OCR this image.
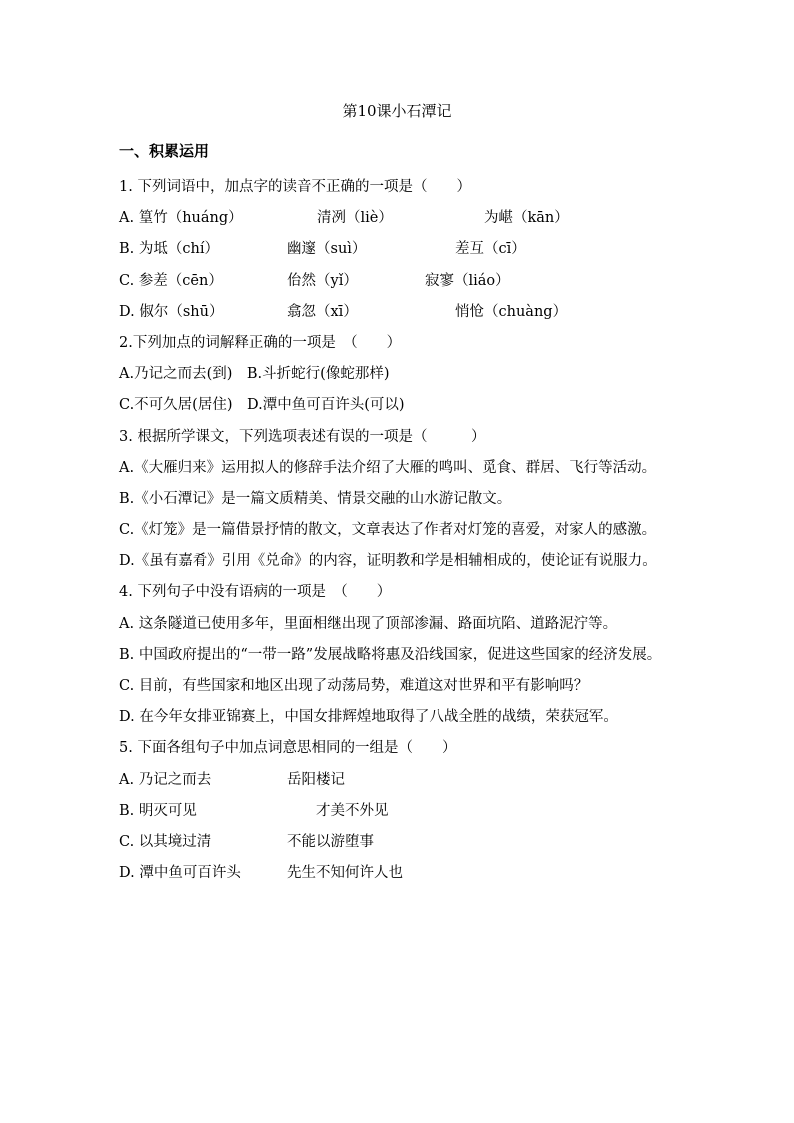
第10课小石潭记
一、积累运用
1. 下列词语中，加点字的读音不正确的一项是（　　）
A. 篁竹（huáng）	清冽（liè）	为嵁（kān）
B. 为坻（chí）	幽邃（suì）	差互（cī）
C. 参差（cēn）	佁然（yǐ）	寂寥（liáo）
D. 俶尔（shū）	翕忽（xī）	悄怆（chuàng）
2.下列加点的词解释正确的一项是　（　　）
A.乃记之而去(到)　B.斗折蛇行(像蛇那样)
C.不可久居(居住)　D.潭中鱼可百许头(可以)
3. 根据所学课文，下列选项表述有误的一项是（　　　）
A.《大雁归来》运用拟人的修辞手法介绍了大雁的鸣叫、觅食、群居、飞行等活动。
B.《小石潭记》是一篇文质精美、情景交融的山水游记散文。
C.《灯笼》是一篇借景抒情的散文，文章表达了作者对灯笼的喜爱，对家人的感激。
D.《虽有嘉肴》引用《兑命》的内容，证明教和学是相辅相成的，使论证有说服力。
4. 下列句子中没有语病的一项是　（　　）
A. 这条隧道已使用多年，里面相继出现了顶部渗漏、路面坑陷、道路泥泞等。
B. 中国政府提出的“一带一路”发展战略将惠及沿线国家，促进这些国家的经济发展。
C. 目前，有些国家和地区出现了动荡局势，难道这对世界和平有影响吗？
D. 在今年女排亚锦赛上，中国女排辉煌地取得了八战全胜的战绩，荣获冠军。
5. 下面各组句子中加点词意思相同的一组是（　　）
A. 乃记之而去	岳阳楼记
B. 明灭可见	才美不外见
C. 以其境过清	不能以游堕事
D. 潭中鱼可百许头	先生不知何许人也
